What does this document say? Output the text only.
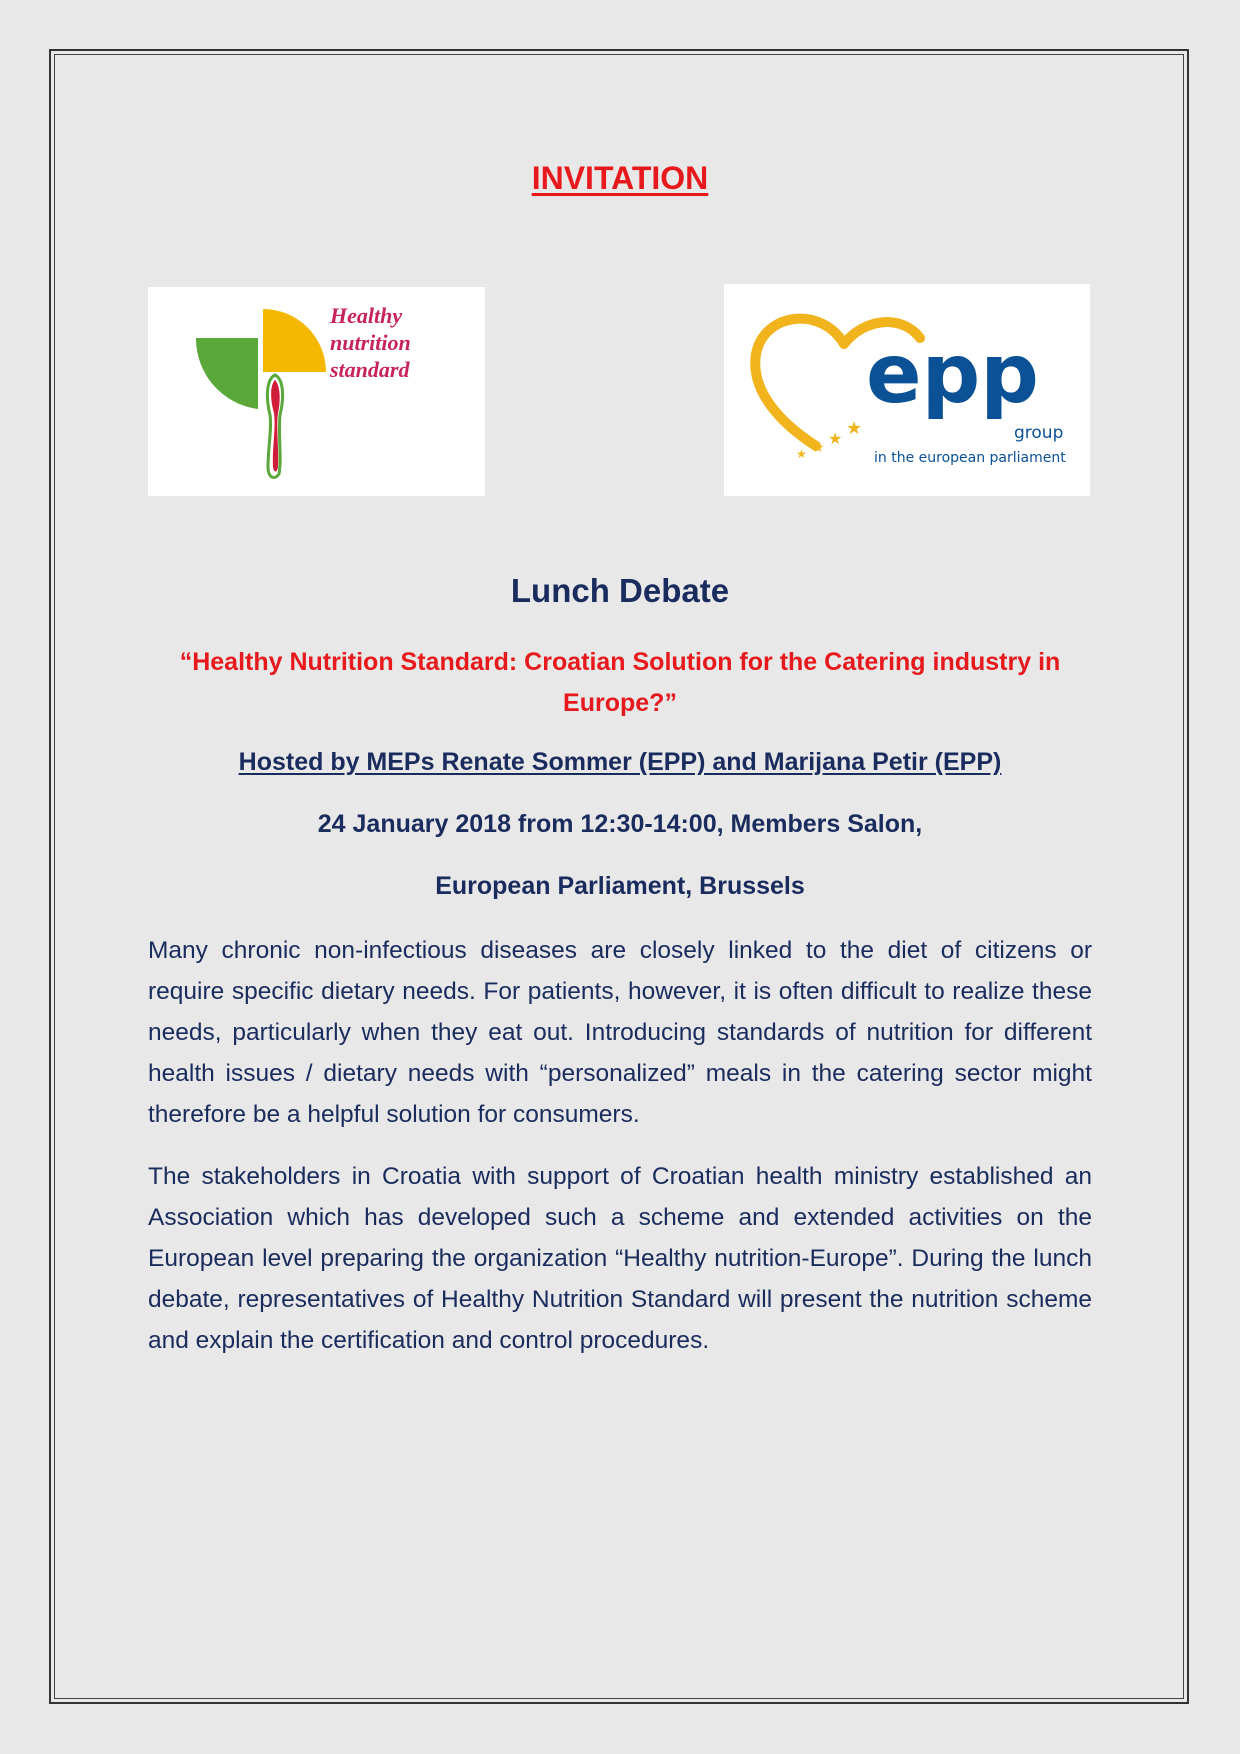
INVITATION
Healthy
nutrition
standard
★ ★ ★ ★
epp
group
in the european parliament
Lunch Debate
“Healthy Nutrition Standard: Croatian Solution for the Catering industry in Europe?”
Hosted by MEPs Renate Sommer (EPP) and Marijana Petir (EPP)
24 January 2018 from 12:30-14:00, Members Salon,
European Parliament, Brussels

Many chronic non-infectious diseases are closely linked to the diet of citizens or require specific dietary needs. For patients, however, it is often difficult to realize these needs, particularly when they eat out. Introducing standards of nutrition for different health issues / dietary needs with “personalized” meals in the catering sector might therefore be a helpful solution for consumers.

The stakeholders in Croatia with support of Croatian health ministry established an Association which has developed such a scheme and extended activities on the European level preparing the organization “Healthy nutrition-Europe”. During the lunch debate, representatives of Healthy Nutrition Standard will present the nutrition scheme and explain the certification and control procedures.
